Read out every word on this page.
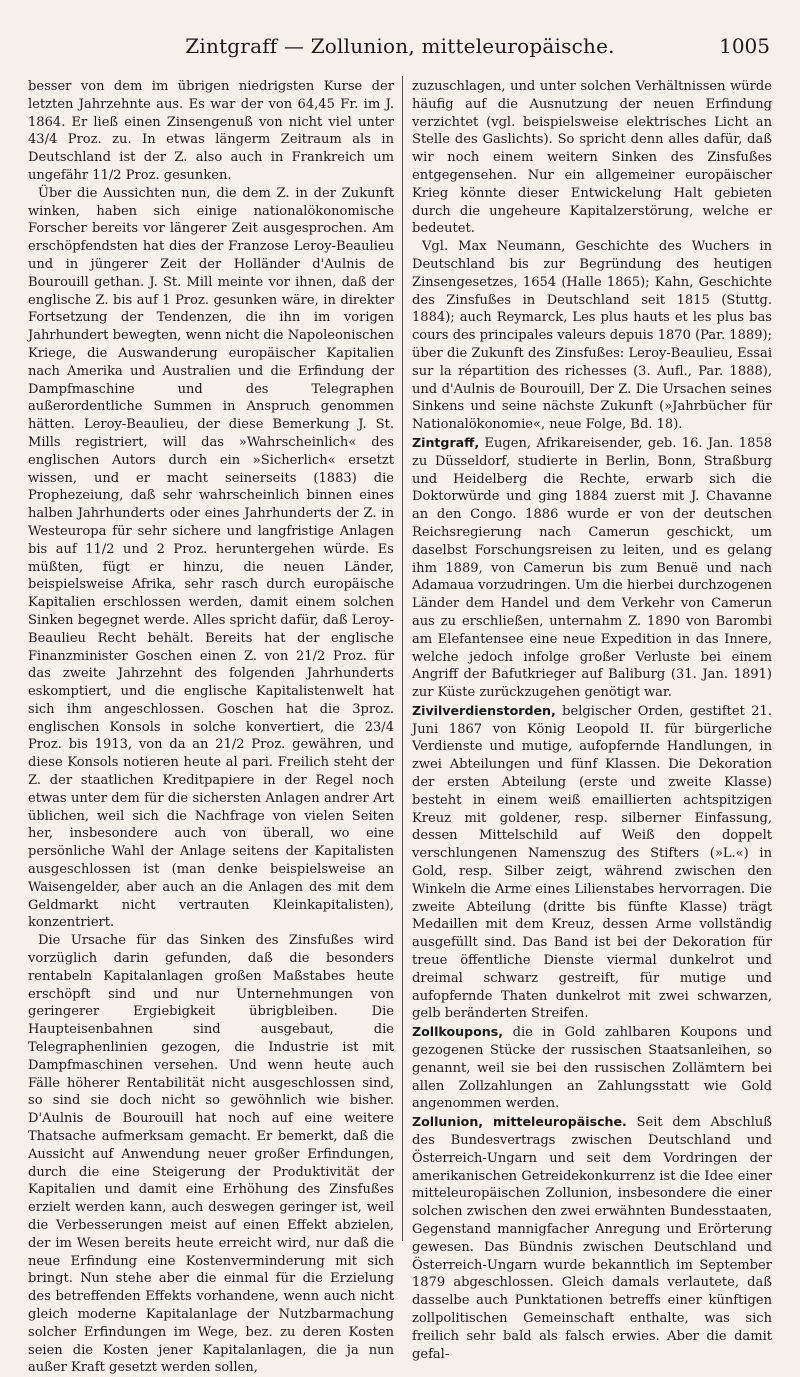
Zintgraff — Zollunion, mitteleuropäische.	1005

besser von dem im übrigen niedrigsten Kurse der letzten Jahrzehnte aus. Es war der von 64,45 Fr. im J. 1864. Er ließ einen Zinsengenuß von nicht viel unter 43/4 Proz. zu. In etwas längerm Zeitraum als in Deutschland ist der Z. also auch in Frankreich um ungefähr 11/2 Proz. gesunken.

Über die Aussichten nun, die dem Z. in der Zukunft winken, haben sich einige nationalökonomische Forscher bereits vor längerer Zeit ausgesprochen. Am erschöpfendsten hat dies der Franzose Leroy-Beaulieu und in jüngerer Zeit der Holländer d'Aulnis de Bourouill gethan. J. St. Mill meinte vor ihnen, daß der englische Z. bis auf 1 Proz. gesunken wäre, in direkter Fortsetzung der Tendenzen, die ihn im vorigen Jahrhundert bewegten, wenn nicht die Napoleonischen Kriege, die Auswanderung europäischer Kapitalien nach Amerika und Australien und die Erfindung der Dampfmaschine und des Telegraphen außerordentliche Summen in Anspruch genommen hätten. Leroy-Beaulieu, der diese Bemerkung J. St. Mills registriert, will das »Wahrscheinlich« des englischen Autors durch ein »Sicherlich« ersetzt wissen, und er macht seinerseits (1883) die Prophezeiung, daß sehr wahrscheinlich binnen eines halben Jahrhunderts oder eines Jahrhunderts der Z. in Westeuropa für sehr sichere und langfristige Anlagen bis auf 11/2 und 2 Proz. heruntergehen würde. Es müßten, fügt er hinzu, die neuen Länder, beispielsweise Afrika, sehr rasch durch europäische Kapitalien erschlossen werden, damit einem solchen Sinken begegnet werde. Alles spricht dafür, daß Leroy-Beaulieu Recht behält. Bereits hat der englische Finanzminister Goschen einen Z. von 21/2 Proz. für das zweite Jahrzehnt des folgenden Jahrhunderts eskomptiert, und die englische Kapitalistenwelt hat sich ihm angeschlossen. Goschen hat die 3proz. englischen Konsols in solche konvertiert, die 23/4 Proz. bis 1913, von da an 21/2 Proz. gewähren, und diese Konsols notieren heute al pari. Freilich steht der Z. der staatlichen Kreditpapiere in der Regel noch etwas unter dem für die sichersten Anlagen andrer Art üblichen, weil sich die Nachfrage von vielen Seiten her, insbesondere auch von überall, wo eine persönliche Wahl der Anlage seitens der Kapitalisten ausgeschlossen ist (man denke beispielsweise an Waisengelder, aber auch an die Anlagen des mit dem Geldmarkt nicht vertrauten Kleinkapitalisten), konzentriert.

Die Ursache für das Sinken des Zinsfußes wird vorzüglich darin gefunden, daß die besonders rentabeln Kapitalanlagen großen Maßstabes heute erschöpft sind und nur Unternehmungen von geringerer Ergiebigkeit übrigbleiben. Die Haupteisenbahnen sind ausgebaut, die Telegraphenlinien gezogen, die Industrie ist mit Dampfmaschinen versehen. Und wenn heute auch Fälle höherer Rentabilität nicht ausgeschlossen sind, so sind sie doch nicht so gewöhnlich wie bisher. D'Aulnis de Bourouill hat noch auf eine weitere Thatsache aufmerksam gemacht. Er bemerkt, daß die Aussicht auf Anwendung neuer großer Erfindungen, durch die eine Steigerung der Produktivität der Kapitalien und damit eine Erhöhung des Zinsfußes erzielt werden kann, auch deswegen geringer ist, weil die Verbesserungen meist auf einen Effekt abzielen, der im Wesen bereits heute erreicht wird, nur daß die neue Erfindung eine Kostenverminderung mit sich bringt. Nun stehe aber die einmal für die Erzielung des betreffenden Effekts vorhandene, wenn auch nicht gleich moderne Kapitalanlage der Nutzbarmachung solcher Erfindungen im Wege, bez. zu deren Kosten seien die Kosten jener Kapitalanlagen, die ja nun außer Kraft gesetzt werden sollen,

zuzuschlagen, und unter solchen Verhältnissen würde häufig auf die Ausnutzung der neuen Erfindung verzichtet (vgl. beispielsweise elektrisches Licht an Stelle des Gaslichts). So spricht denn alles dafür, daß wir noch einem weitern Sinken des Zinsfußes entgegensehen. Nur ein allgemeiner europäischer Krieg könnte dieser Entwickelung Halt gebieten durch die ungeheure Kapitalzerstörung, welche er bedeutet.

Vgl. Max Neumann, Geschichte des Wuchers in Deutschland bis zur Begründung des heutigen Zinsengesetzes, 1654 (Halle 1865); Kahn, Geschichte des Zinsfußes in Deutschland seit 1815 (Stuttg. 1884); auch Reymarck, Les plus hauts et les plus bas cours des principales valeurs depuis 1870 (Par. 1889); über die Zukunft des Zinsfußes: Leroy-Beaulieu, Essai sur la répartition des richesses (3. Aufl., Par. 1888), und d'Aulnis de Bourouill, Der Z. Die Ursachen seines Sinkens und seine nächste Zukunft (»Jahrbücher für Nationalökonomie«, neue Folge, Bd. 18).

Zintgraff, Eugen, Afrikareisender, geb. 16. Jan. 1858 zu Düsseldorf, studierte in Berlin, Bonn, Straßburg und Heidelberg die Rechte, erwarb sich die Doktorwürde und ging 1884 zuerst mit J. Chavanne an den Congo. 1886 wurde er von der deutschen Reichsregierung nach Camerun geschickt, um daselbst Forschungsreisen zu leiten, und es gelang ihm 1889, von Camerun bis zum Benuë und nach Adamaua vorzudringen. Um die hierbei durchzogenen Länder dem Handel und dem Verkehr von Camerun aus zu erschließen, unternahm Z. 1890 von Barombi am Elefantensee eine neue Expedition in das Innere, welche jedoch infolge großer Verluste bei einem Angriff der Bafutkrieger auf Baliburg (31. Jan. 1891) zur Küste zurückzugehen genötigt war.

Zivilverdienstorden, belgischer Orden, gestiftet 21. Juni 1867 von König Leopold II. für bürgerliche Verdienste und mutige, aufopfernde Handlungen, in zwei Abteilungen und fünf Klassen. Die Dekoration der ersten Abteilung (erste und zweite Klasse) besteht in einem weiß emaillierten achtspitzigen Kreuz mit goldener, resp. silberner Einfassung, dessen Mittelschild auf Weiß den doppelt verschlungenen Namenszug des Stifters (»L.«) in Gold, resp. Silber zeigt, während zwischen den Winkeln die Arme eines Lilienstabes hervorragen. Die zweite Abteilung (dritte bis fünfte Klasse) trägt Medaillen mit dem Kreuz, dessen Arme vollständig ausgefüllt sind. Das Band ist bei der Dekoration für treue öffentliche Dienste viermal dunkelrot und dreimal schwarz gestreift, für mutige und aufopfernde Thaten dunkelrot mit zwei schwarzen, gelb beränderten Streifen.

Zollkoupons, die in Gold zahlbaren Koupons und gezogenen Stücke der russischen Staatsanleihen, so genannt, weil sie bei den russischen Zollämtern bei allen Zollzahlungen an Zahlungsstatt wie Gold angenommen werden.

Zollunion, mitteleuropäische. Seit dem Abschluß des Bundesvertrags zwischen Deutschland und Österreich-Ungarn und seit dem Vordringen der amerikanischen Getreidekonkurrenz ist die Idee einer mitteleuropäischen Zollunion, insbesondere die einer solchen zwischen den zwei erwähnten Bundesstaaten, Gegenstand mannigfacher Anregung und Erörterung gewesen. Das Bündnis zwischen Deutschland und Österreich-Ungarn wurde bekanntlich im September 1879 abgeschlossen. Gleich damals verlautete, daß dasselbe auch Punktationen betreffs einer künftigen zollpolitischen Gemeinschaft enthalte, was sich freilich sehr bald als falsch erwies. Aber die damit gefal-
